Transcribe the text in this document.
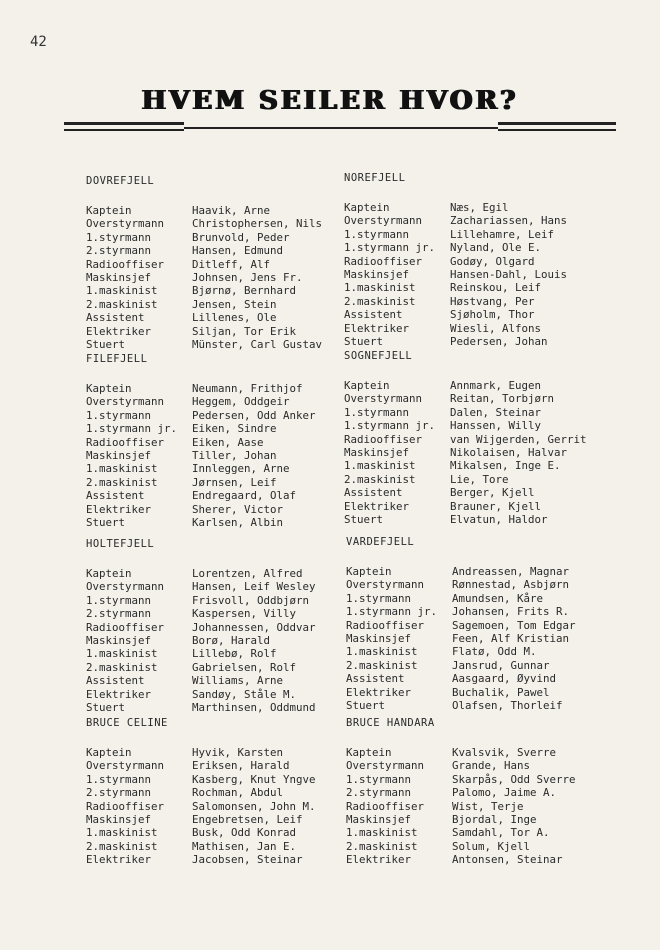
42
HVEM SEILER HVOR?
DOVREFJELL
Kaptein	Haavik, Arne
Overstyrmann	Christophersen, Nils
1.styrmann	Brunvold, Peder
2.styrmann	Hansen, Edmund
Radiooffiser	Ditleff, Alf
Maskinsjef	Johnsen, Jens Fr.
1.maskinist	Bjørnø, Bernhard
2.maskinist	Jensen, Stein
Assistent	Lillenes, Ole
Elektriker	Siljan, Tor Erik
Stuert	Münster, Carl Gustav
NOREFJELL
Kaptein	Næs, Egil
Overstyrmann	Zachariassen, Hans
1.styrmann	Lillehamre, Leif
1.styrmann jr.	Nyland, Ole E.
Radiooffiser	Godøy, Olgard
Maskinsjef	Hansen-Dahl, Louis
1.maskinist	Reinskou, Leif
2.maskinist	Høstvang, Per
Assistent	Sjøholm, Thor
Elektriker	Wiesli, Alfons
Stuert	Pedersen, Johan
FILEFJELL
Kaptein	Neumann, Frithjof
Overstyrmann	Heggem, Oddgeir
1.styrmann	Pedersen, Odd Anker
1.styrmann jr.	Eiken, Sindre
Radiooffiser	Eiken, Aase
Maskinsjef	Tiller, Johan
1.maskinist	Innleggen, Arne
2.maskinist	Jørnsen, Leif
Assistent	Endregaard, Olaf
Elektriker	Sherer, Victor
Stuert	Karlsen, Albin
SOGNEFJELL
Kaptein	Annmark, Eugen
Overstyrmann	Reitan, Torbjørn
1.styrmann	Dalen, Steinar
1.styrmann jr.	Hanssen, Willy
Radiooffiser	van Wijgerden, Gerrit
Maskinsjef	Nikolaisen, Halvar
1.maskinist	Mikalsen, Inge E.
2.maskinist	Lie, Tore
Assistent	Berger, Kjell
Elektriker	Brauner, Kjell
Stuert	Elvatun, Haldor
HOLTEFJELL
Kaptein	Lorentzen, Alfred
Overstyrmann	Hansen, Leif Wesley
1.styrmann	Frisvoll, Oddbjørn
2.styrmann	Kaspersen, Villy
Radiooffiser	Johannessen, Oddvar
Maskinsjef	Borø, Harald
1.maskinist	Lillebø, Rolf
2.maskinist	Gabrielsen, Rolf
Assistent	Williams, Arne
Elektriker	Sandøy, Ståle M.
Stuert	Marthinsen, Oddmund
VARDEFJELL
Kaptein	Andreassen, Magnar
Overstyrmann	Rønnestad, Asbjørn
1.styrmann	Amundsen, Kåre
1.styrmann jr.	Johansen, Frits R.
Radiooffiser	Sagemoen, Tom Edgar
Maskinsjef	Feen, Alf Kristian
1.maskinist	Flatø, Odd M.
2.maskinist	Jansrud, Gunnar
Assistent	Aasgaard, Øyvind
Elektriker	Buchalik, Pawel
Stuert	Olafsen, Thorleif
BRUCE CELINE
Kaptein	Hyvik, Karsten
Overstyrmann	Eriksen, Harald
1.styrmann	Kasberg, Knut Yngve
2.styrmann	Rochman, Abdul
Radiooffiser	Salomonsen, John M.
Maskinsjef	Engebretsen, Leif
1.maskinist	Busk, Odd Konrad
2.maskinist	Mathisen, Jan E.
Elektriker	Jacobsen, Steinar
BRUCE HANDARA
Kaptein	Kvalsvik, Sverre
Overstyrmann	Grande, Hans
1.styrmann	Skarpås, Odd Sverre
2.styrmann	Palomo, Jaime A.
Radiooffiser	Wist, Terje
Maskinsjef	Bjordal, Inge
1.maskinist	Samdahl, Tor A.
2.maskinist	Solum, Kjell
Elektriker	Antonsen, Steinar
